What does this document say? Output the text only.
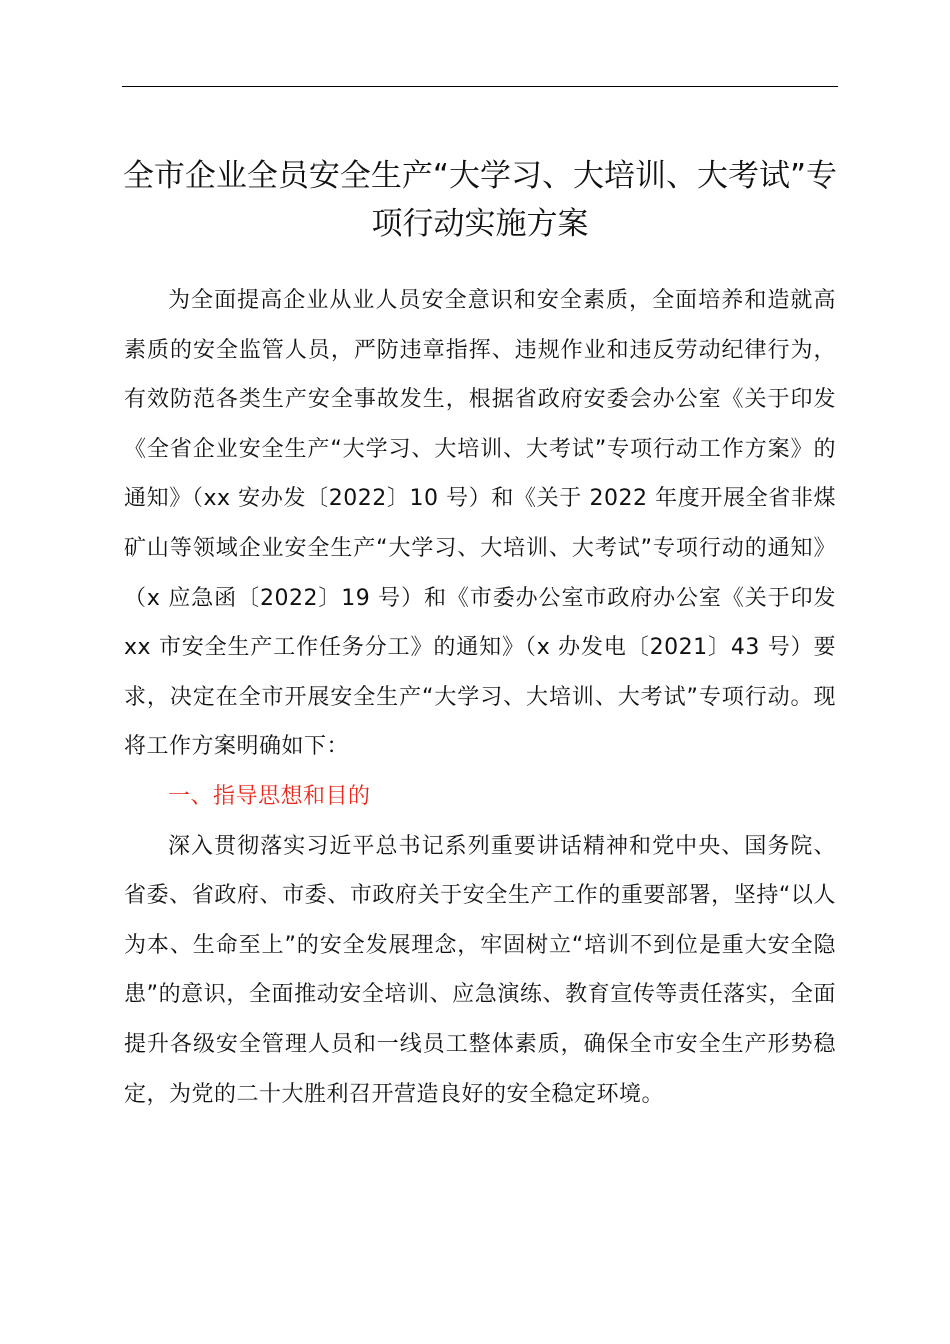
全市企业全员安全生产“大学习、大培训、大考试”专项行动实施方案

为全面提高企业从业人员安全意识和安全素质，全面培养和造就高素质的安全监管人员，严防违章指挥、违规作业和违反劳动纪律行为，有效防范各类生产安全事故发生，根据省政府安委会办公室《关于印发《全省企业安全生产“大学习、大培训、大考试”专项行动工作方案》的通知》（xx 安办发〔2022〕10 号）和《关于 2022 年度开展全省非煤矿山等领域企业安全生产“大学习、大培训、大考试”专项行动的通知》（x 应急函〔2022〕19 号）和《市委办公室市政府办公室《关于印发 xx 市安全生产工作任务分工》的通知》（x 办发电〔2021〕43 号）要求，决定在全市开展安全生产“大学习、大培训、大考试”专项行动。现将工作方案明确如下：

一、指导思想和目的

深入贯彻落实习近平总书记系列重要讲话精神和党中央、国务院、省委、省政府、市委、市政府关于安全生产工作的重要部署，坚持“以人为本、生命至上”的安全发展理念，牢固树立“培训不到位是重大安全隐患”的意识，全面推动安全培训、应急演练、教育宣传等责任落实，全面提升各级安全管理人员和一线员工整体素质，确保全市安全生产形势稳定，为党的二十大胜利召开营造良好的安全稳定环境。
